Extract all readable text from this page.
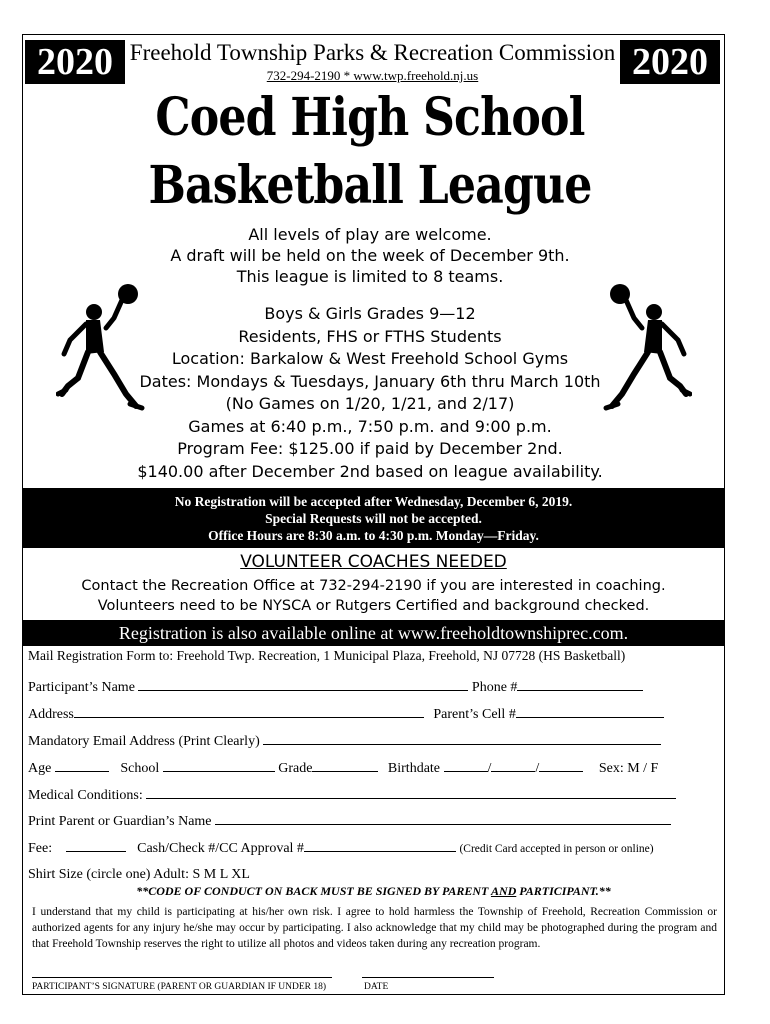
2020	2020
Freehold Township Parks & Recreation Commission
732-294-2190 * www.twp.freehold.nj.us
Coed High School
Basketball League
All levels of play are welcome.
A draft will be held on the week of December 9th.
This league is limited to 8 teams.
Boys & Girls Grades 9—12
Residents, FHS or FTHS Students
Location: Barkalow & West Freehold School Gyms
Dates: Mondays & Tuesdays, January 6th thru March 10th
(No Games on 1/20, 1/21, and 2/17)
Games at 6:40 p.m., 7:50 p.m. and 9:00 p.m.
Program Fee: $125.00 if paid by December 2nd.
$140.00 after December 2nd based on league availability.
No Registration will be accepted after Wednesday, December 6, 2019.
Special Requests will not be accepted.
Office Hours are 8:30 a.m. to 4:30 p.m. Monday—Friday.
VOLUNTEER COACHES NEEDED
Contact the Recreation Office at 732-294-2190 if you are interested in coaching.
Volunteers need to be NYSCA or Rutgers Certified and background checked.
Registration is also available online at www.freeholdtownshiprec.com.
Mail Registration Form to: Freehold Twp. Recreation, 1 Municipal Plaza, Freehold, NJ 07728 (HS Basketball)
Participant’s Name	Phone #
Address	Parent’s Cell #
Mandatory Email Address (Print Clearly)
Age	School	Grade	Birthdate	/	/	Sex: M / F
Medical Conditions:
Print Parent or Guardian’s Name
Fee:	Cash/Check #/CC Approval #	(Credit Card accepted in person or online)
Shirt Size (circle one) Adult: S M L XL
**CODE OF CONDUCT ON BACK MUST BE SIGNED BY PARENT AND PARTICIPANT.**
I understand that my child is participating at his/her own risk. I agree to hold harmless the Township of Freehold, Recreation Commission or authorized agents for any injury he/she may occur by participating. I also acknowledge that my child may be photographed during the program and that Freehold Township reserves the right to utilize all photos and videos taken during any recreation program.
PARTICIPANT’S SIGNATURE (PARENT OR GUARDIAN IF UNDER 18)	DATE
